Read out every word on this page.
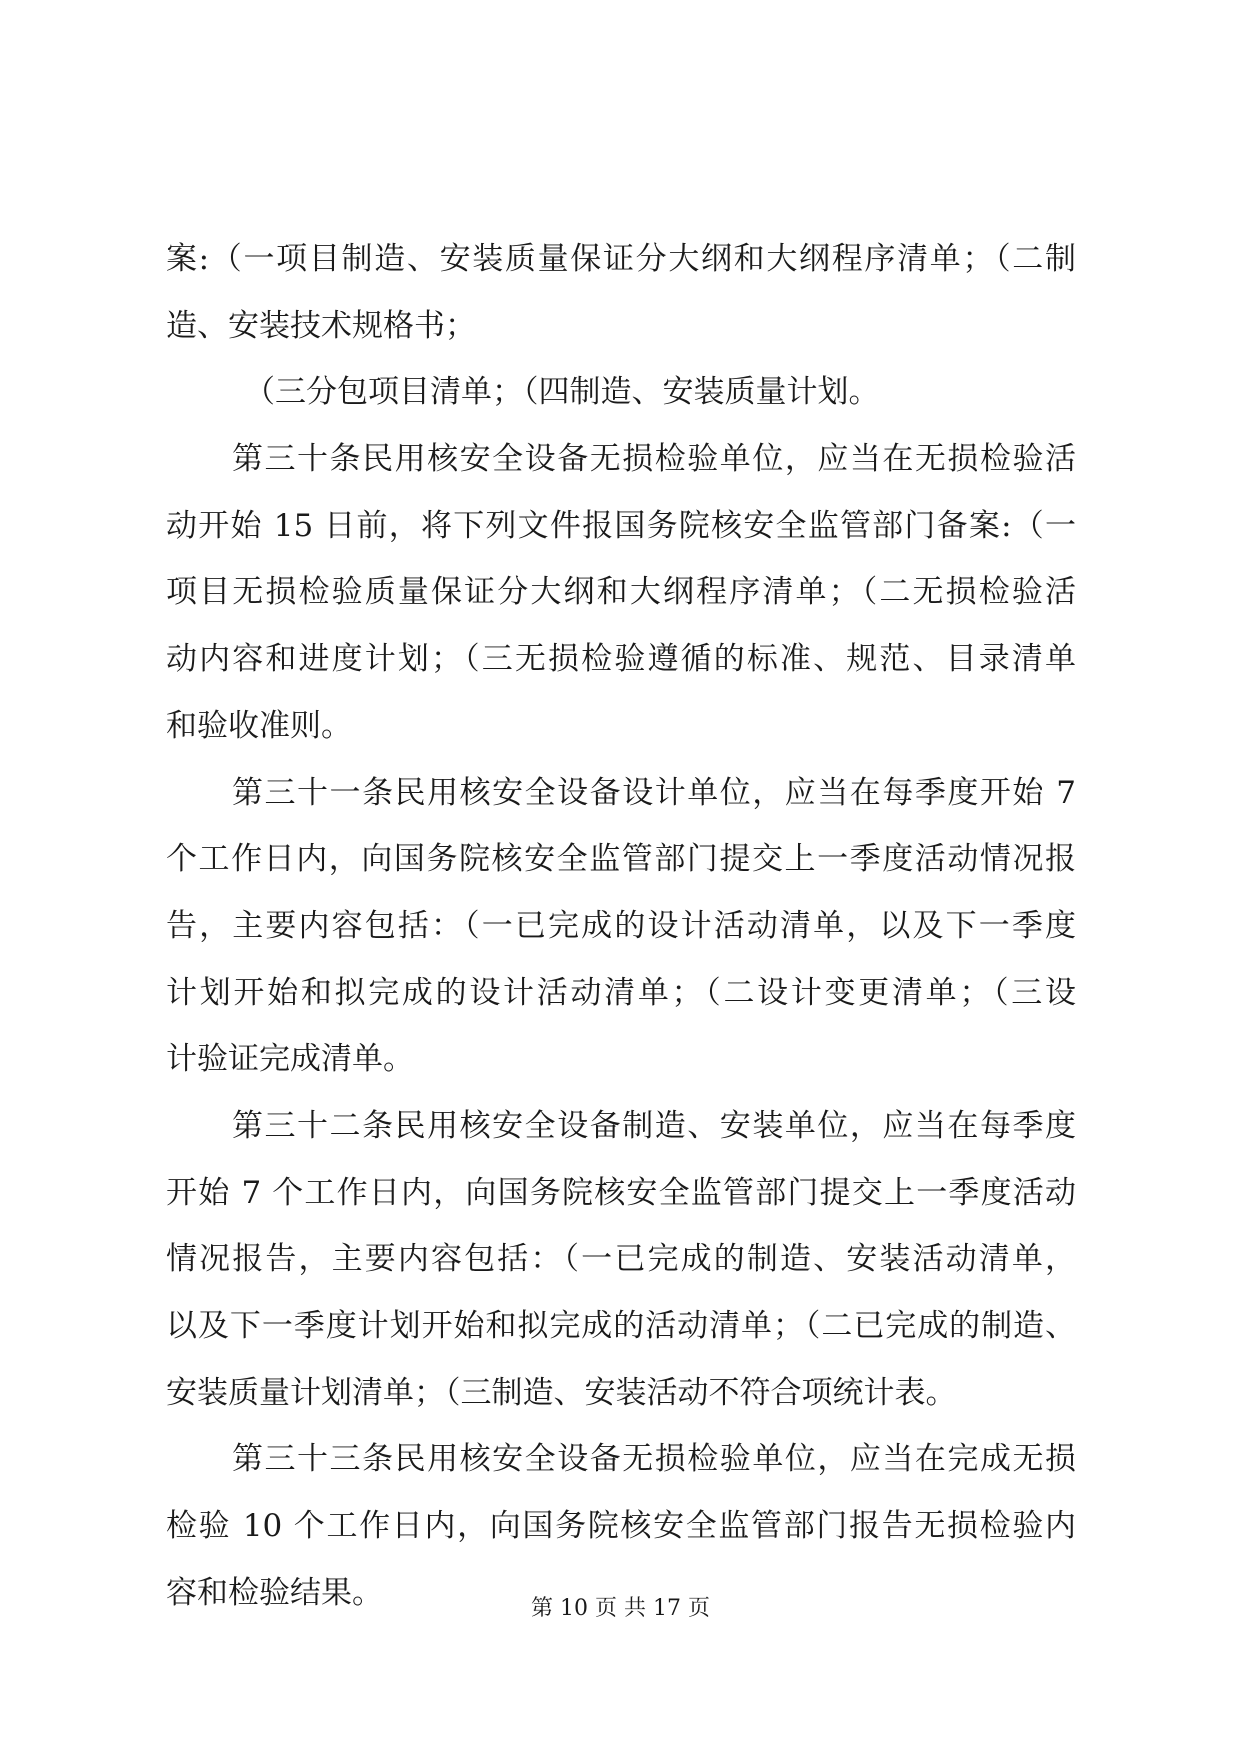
案:（一项目制造、安装质量保证分大纲和大纲程序清单；（二制
造、安装技术规格书；
（三分包项目清单；（四制造、安装质量计划。
第三十条民用核安全设备无损检验单位，应当在无损检验活
动开始 15 日前，将下列文件报国务院核安全监管部门备案:（一
项目无损检验质量保证分大纲和大纲程序清单；（二无损检验活
动内容和进度计划；（三无损检验遵循的标准、规范、目录清单
和验收准则。
第三十一条民用核安全设备设计单位，应当在每季度开始 7
个工作日内，向国务院核安全监管部门提交上一季度活动情况报
告，主要内容包括：（一已完成的设计活动清单，以及下一季度
计划开始和拟完成的设计活动清单；（二设计变更清单；（三设
计验证完成清单。
第三十二条民用核安全设备制造、安装单位，应当在每季度
开始 7 个工作日内，向国务院核安全监管部门提交上一季度活动
情况报告，主要内容包括：（一已完成的制造、安装活动清单，
以及下一季度计划开始和拟完成的活动清单；（二已完成的制造、
安装质量计划清单；（三制造、安装活动不符合项统计表。
第三十三条民用核安全设备无损检验单位，应当在完成无损
检验 10 个工作日内，向国务院核安全监管部门报告无损检验内
容和检验结果。	第 10 页 共 17 页
